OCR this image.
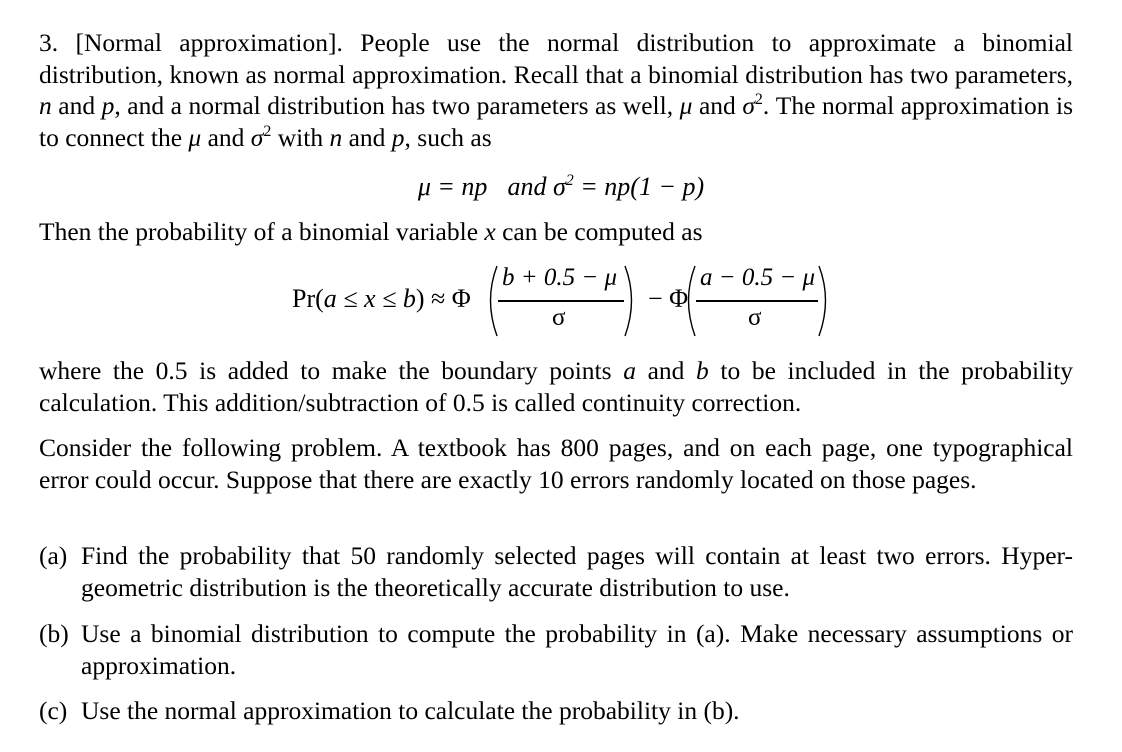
3. [Normal approximation]. People use the normal distribution to approximate a binomial distribution, known as normal approximation. Recall that a binomial distribution has two parameters, n and p, and a normal distribution has two parameters as well, μ and $\sigma^2$. The normal approximation is to connect the μ and $\sigma^2$ with n and p, such as

μ = np and $\sigma^2 = np(1 - p)$

Then the probability of a binomial variable x can be computed as

Pr(a ≤ x ≤ b) ≈ Φ
b + 0.5 − μ
σ
− Φ
a − 0.5 − μ
σ

where the 0.5 is added to make the boundary points a and b to be included in the probability calculation. This addition/subtraction of 0.5 is called continuity correction.

Consider the following problem. A textbook has 800 pages, and on each page, one typographical error could occur. Suppose that there are exactly 10 errors randomly located on those pages.

(a) Find the probability that 50 randomly selected pages will contain at least two errors. Hyper-geometric distribution is the theoretically accurate distribution to use.
(b) Use a binomial distribution to compute the probability in (a). Make necessary assumptions or approximation.
(c) Use the normal approximation to calculate the probability in (b).
